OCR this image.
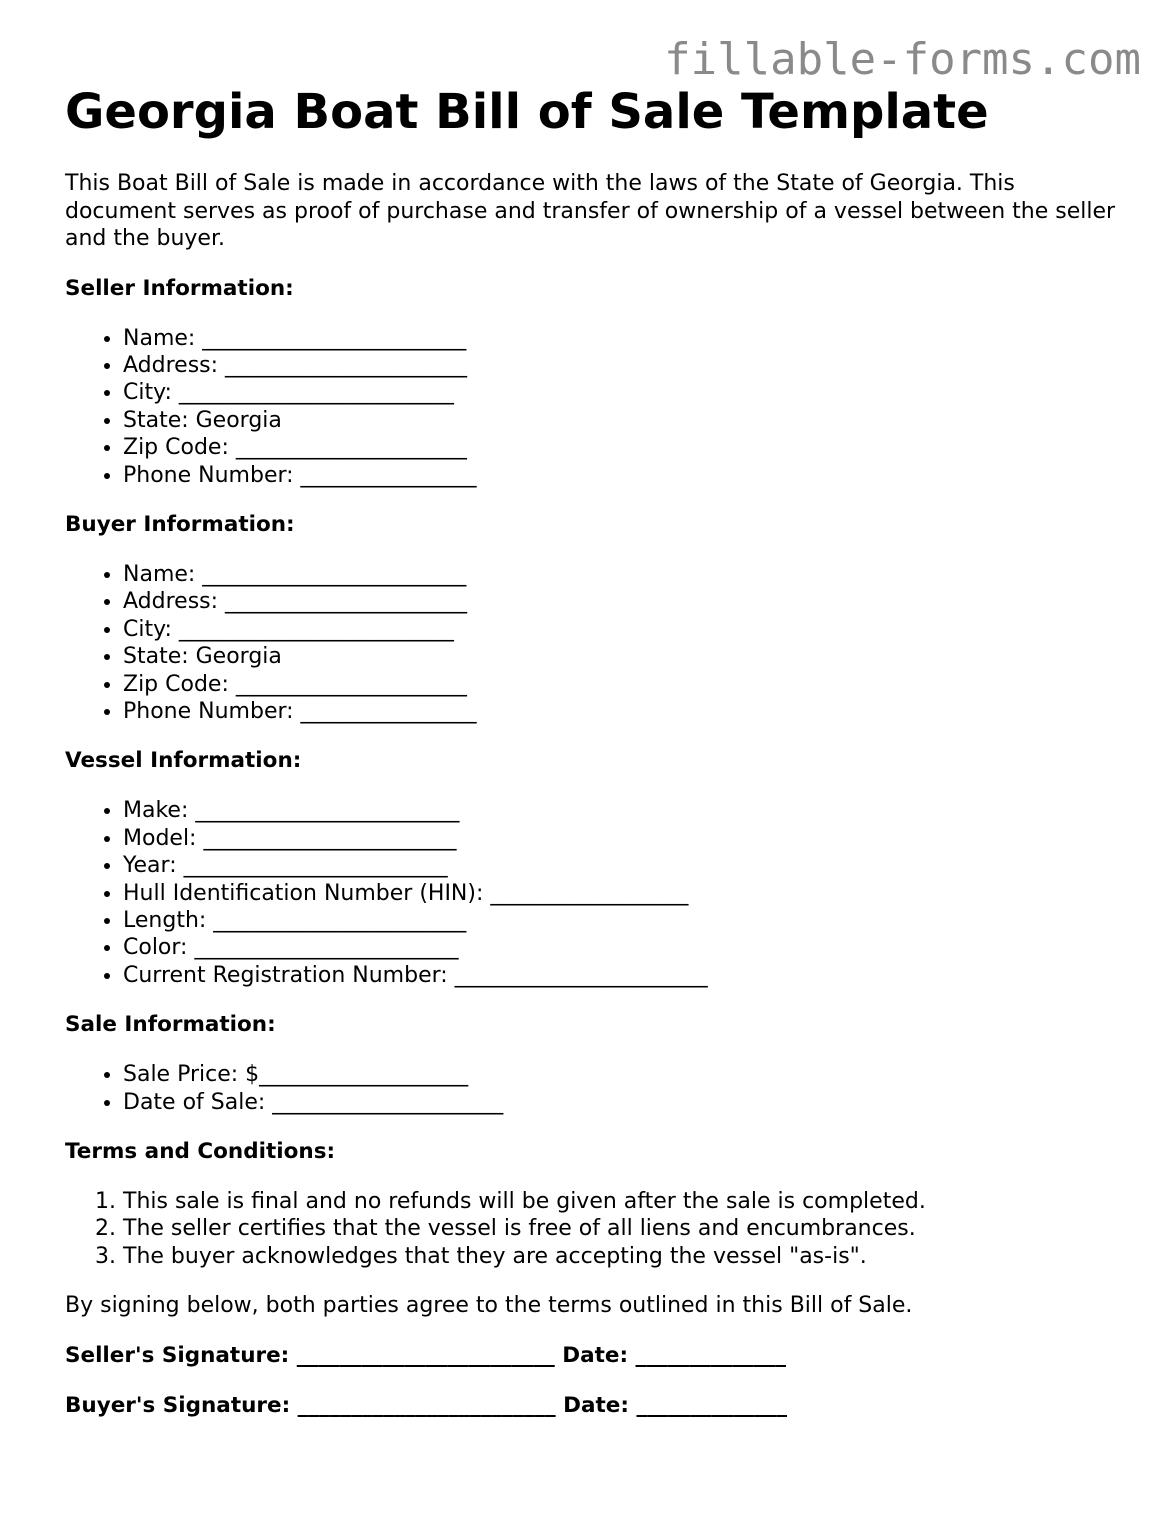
fillable-forms.com
Georgia Boat Bill of Sale Template

This Boat Bill of Sale is made in accordance with the laws of the State of Georgia. This document serves as proof of purchase and transfer of ownership of a vessel between the seller and the buyer.

Seller Information:
• Name: ________________________
• Address: ______________________
• City: _________________________
• State: Georgia
• Zip Code: _____________________
• Phone Number: ________________
Buyer Information:
• Name: ________________________
• Address: ______________________
• City: _________________________
• State: Georgia
• Zip Code: _____________________
• Phone Number: ________________
Vessel Information:
• Make: ________________________
• Model: _______________________
• Year: ________________________
• Hull Identification Number (HIN): __________________
• Length: _______________________
• Color: ________________________
• Current Registration Number: _______________________
Sale Information:
• Sale Price: $___________________
• Date of Sale: _____________________
Terms and Conditions:
1. This sale is final and no refunds will be given after the sale is completed.
2. The seller certifies that the vessel is free of all liens and encumbrances.
3. The buyer acknowledges that they are accepting the vessel "as-is".

By signing below, both parties agree to the terms outlined in this Bill of Sale.

Seller's Signature: ________________________ Date: ______________

Buyer's Signature: ________________________ Date: ______________
